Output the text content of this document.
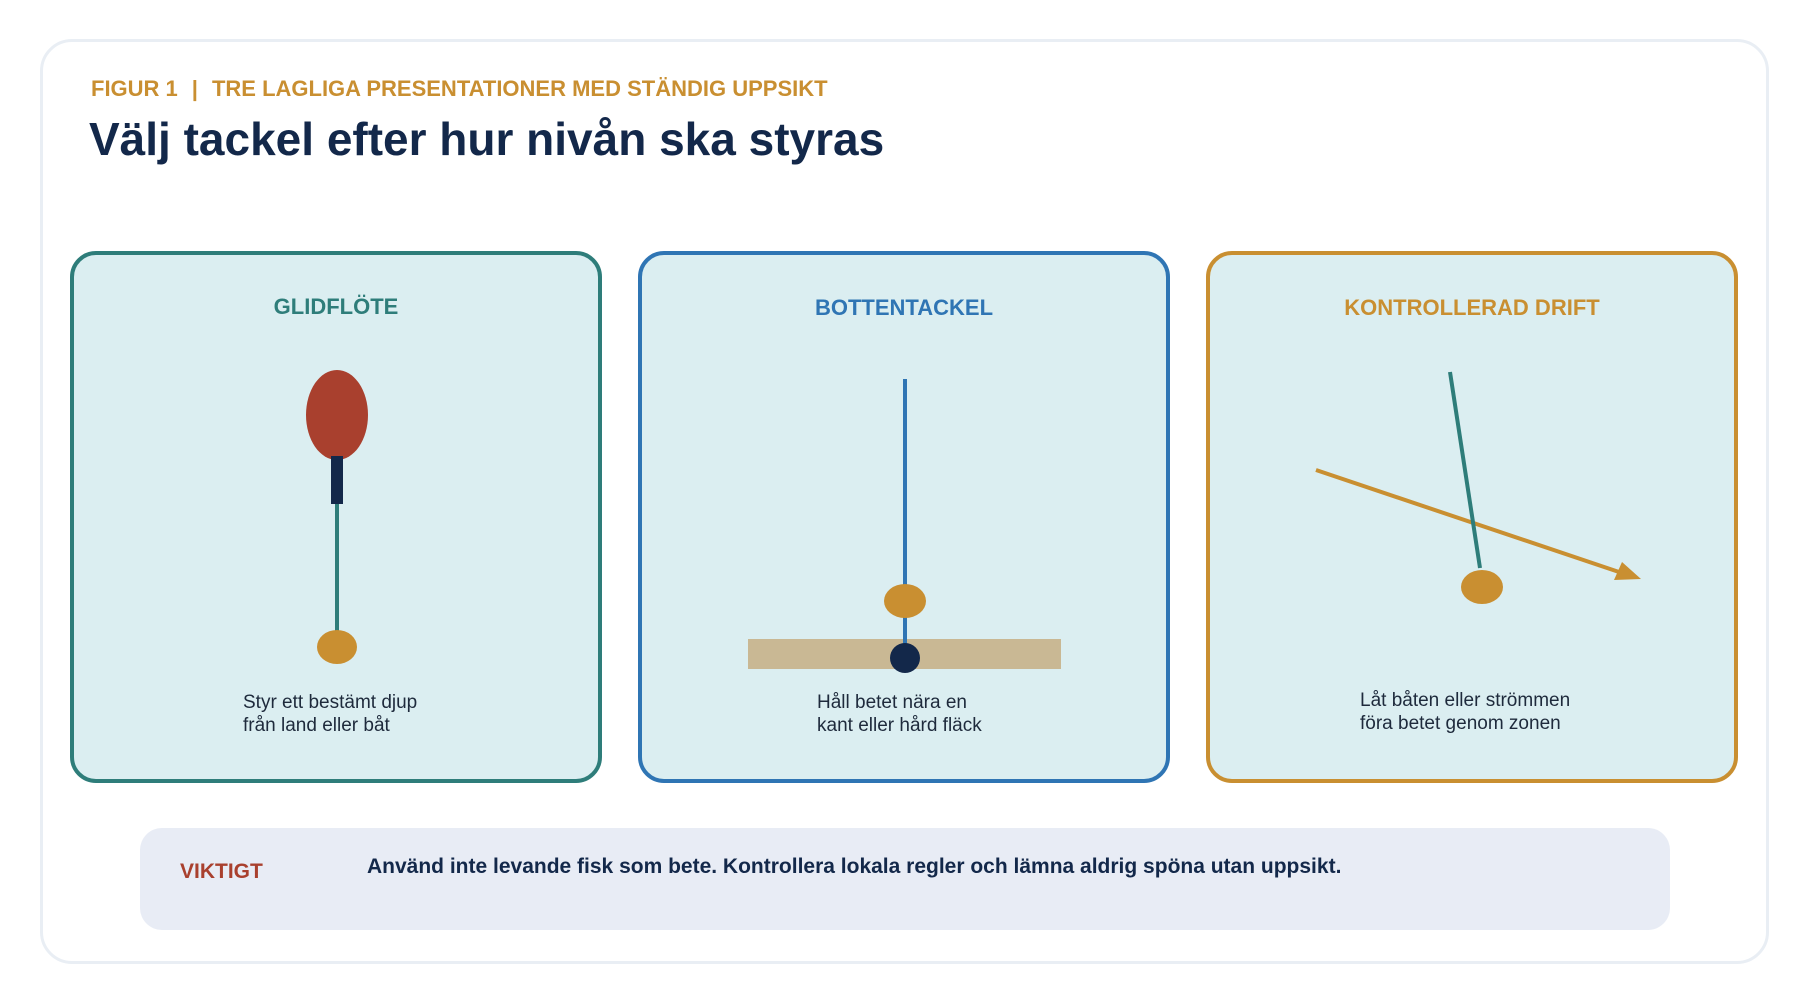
FIGUR 1 | TRE LAGLIGA PRESENTATIONER MED STÄNDIG UPPSIKT
Välj tackel efter hur nivån ska styras
GLIDFLÖTE
Styr ett bestämt djup
från land eller båt
BOTTENTACKEL
Håll betet nära en
kant eller hård fläck
KONTROLLERAD DRIFT
Låt båten eller strömmen
föra betet genom zonen
VIKTIGT	Använd inte levande fisk som bete. Kontrollera lokala regler och lämna aldrig spöna utan uppsikt.
